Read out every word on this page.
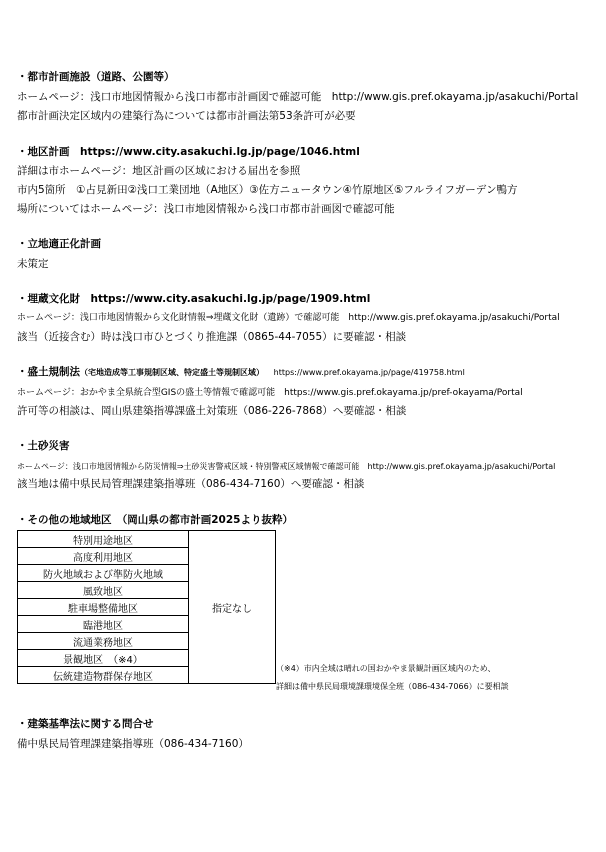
・都市計画施設（道路、公園等）
ホームページ：浅口市地図情報から浅口市都市計画図で確認可能　http://www.gis.pref.okayama.jp/asakuchi/Portal
都市計画決定区域内の建築行為については都市計画法第53条許可が必要
・地区計画　https://www.city.asakuchi.lg.jp/page/1046.html
詳細は市ホームページ：地区計画の区域における届出を参照
市内5箇所　①占見新田②浅口工業団地（A地区）③佐方ニュータウン④竹原地区⑤フルライフガーデン鴨方
場所についてはホームページ：浅口市地図情報から浅口市都市計画図で確認可能
・立地適正化計画
未策定
・埋蔵文化財　https://www.city.asakuchi.lg.jp/page/1909.html
ホームページ：浅口市地図情報から文化財情報⇒埋蔵文化財（遺跡）で確認可能　http://www.gis.pref.okayama.jp/asakuchi/Portal
該当（近接含む）時は浅口市ひとづくり推進課（0865-44-7055）に要確認・相談
・盛土規制法（宅地造成等工事規制区域、特定盛土等規制区域） https://www.pref.okayama.jp/page/419758.html
ホームページ：おかやま全県統合型GISの盛土等情報で確認可能　https://www.gis.pref.okayama.jp/pref-okayama/Portal
許可等の相談は、岡山県建築指導課盛土対策班（086-226-7868）へ要確認・相談
・土砂災害
ホームページ：浅口市地図情報から防災情報⇒土砂災害警戒区域・特別警戒区域情報で確認可能　http://www.gis.pref.okayama.jp/asakuchi/Portal
該当地は備中県民局管理課建築指導班（086-434-7160）へ要確認・相談
・その他の地域地区　（岡山県の都市計画2025より抜粋）
特別用途地区	指定なし
高度利用地区
防火地域および準防火地域
風致地区
駐車場整備地区
臨港地区
流通業務地区
景観地区　（※4）
伝統建造物群保存地区
（※4）市内全域は晴れの国おかやま景観計画区域内のため、
詳細は備中県民局環境課環境保全班（086-434-7066）に要相談
・建築基準法に関する問合せ
備中県民局管理課建築指導班（086-434-7160）
